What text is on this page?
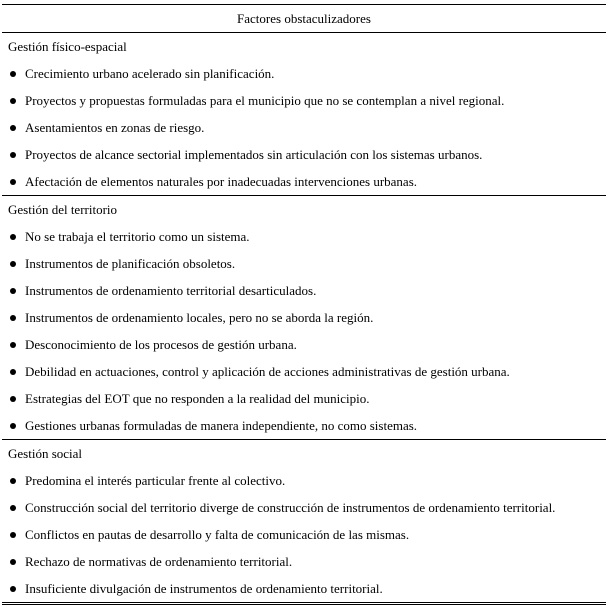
Factores obstaculizadores
Gestión físico-espacial
Crecimiento urbano acelerado sin planificación.
Proyectos y propuestas formuladas para el municipio que no se contemplan a nivel regional.
Asentamientos en zonas de riesgo.
Proyectos de alcance sectorial implementados sin articulación con los sistemas urbanos.
Afectación de elementos naturales por inadecuadas intervenciones urbanas.
Gestión del territorio
No se trabaja el territorio como un sistema.
Instrumentos de planificación obsoletos.
Instrumentos de ordenamiento territorial desarticulados.
Instrumentos de ordenamiento locales, pero no se aborda la región.
Desconocimiento de los procesos de gestión urbana.
Debilidad en actuaciones, control y aplicación de acciones administrativas de gestión urbana.
Estrategias del EOT que no responden a la realidad del municipio.
Gestiones urbanas formuladas de manera independiente, no como sistemas.
Gestión social
Predomina el interés particular frente al colectivo.
Construcción social del territorio diverge de construcción de instrumentos de ordenamiento territorial.
Conflictos en pautas de desarrollo y falta de comunicación de las mismas.
Rechazo de normativas de ordenamiento territorial.
Insuficiente divulgación de instrumentos de ordenamiento territorial.
